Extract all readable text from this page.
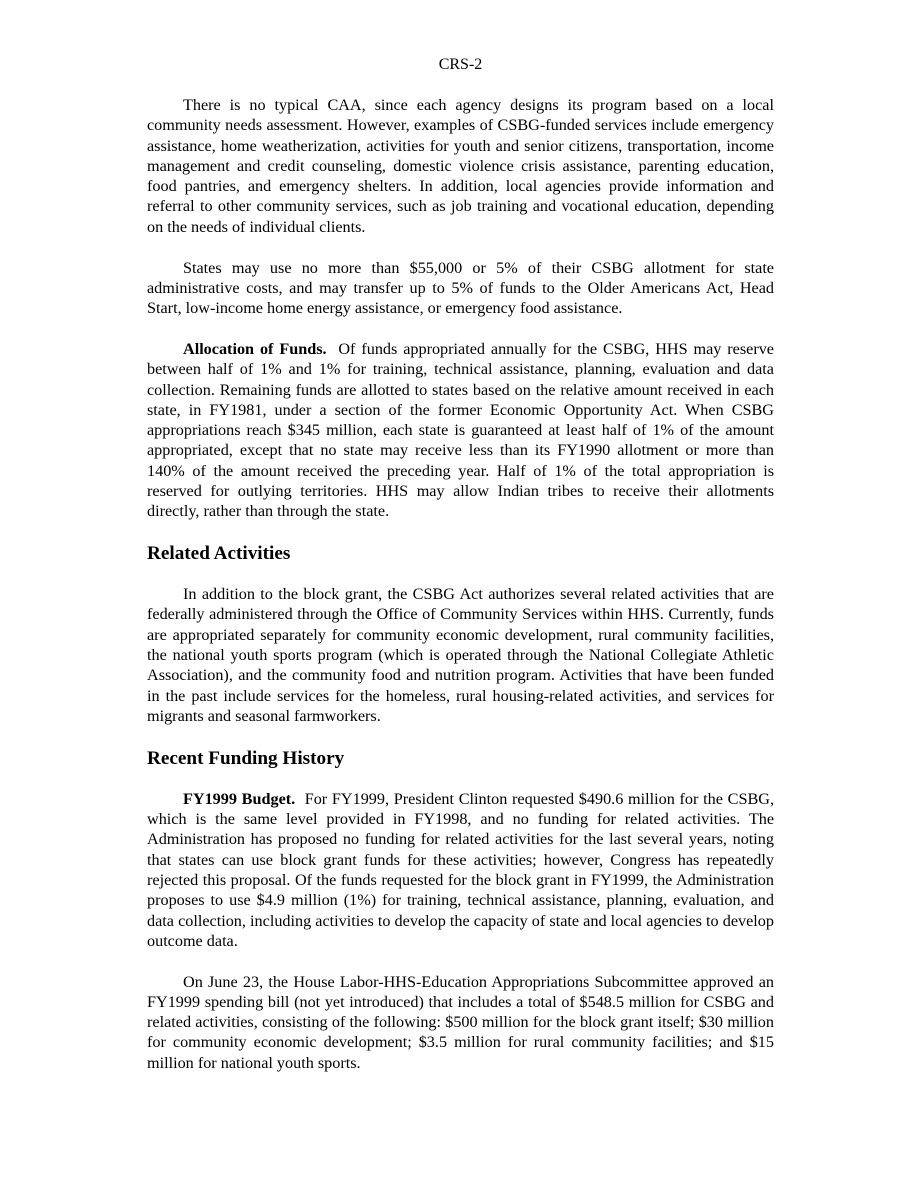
CRS-2

There is no typical CAA, since each agency designs its program based on a local community needs assessment. However, examples of CSBG-funded services include emergency assistance, home weatherization, activities for youth and senior citizens, transportation, income management and credit counseling, domestic violence crisis assistance, parenting education, food pantries, and emergency shelters. In addition, local agencies provide information and referral to other community services, such as job training and vocational education, depending on the needs of individual clients.

States may use no more than $55,000 or 5% of their CSBG allotment for state administrative costs, and may transfer up to 5% of funds to the Older Americans Act, Head Start, low-income home energy assistance, or emergency food assistance.

Allocation of Funds. Of funds appropriated annually for the CSBG, HHS may reserve between half of 1% and 1% for training, technical assistance, planning, evaluation and data collection. Remaining funds are allotted to states based on the relative amount received in each state, in FY1981, under a section of the former Economic Opportunity Act. When CSBG appropriations reach $345 million, each state is guaranteed at least half of 1% of the amount appropriated, except that no state may receive less than its FY1990 allotment or more than 140% of the amount received the preceding year. Half of 1% of the total appropriation is reserved for outlying territories. HHS may allow Indian tribes to receive their allotments directly, rather than through the state.

Related Activities

In addition to the block grant, the CSBG Act authorizes several related activities that are federally administered through the Office of Community Services within HHS. Currently, funds are appropriated separately for community economic development, rural community facilities, the national youth sports program (which is operated through the National Collegiate Athletic Association), and the community food and nutrition program. Activities that have been funded in the past include services for the homeless, rural housing-related activities, and services for migrants and seasonal farmworkers.

Recent Funding History

FY1999 Budget. For FY1999, President Clinton requested $490.6 million for the CSBG, which is the same level provided in FY1998, and no funding for related activities. The Administration has proposed no funding for related activities for the last several years, noting that states can use block grant funds for these activities; however, Congress has repeatedly rejected this proposal. Of the funds requested for the block grant in FY1999, the Administration proposes to use $4.9 million (1%) for training, technical assistance, planning, evaluation, and data collection, including activities to develop the capacity of state and local agencies to develop outcome data.

On June 23, the House Labor-HHS-Education Appropriations Subcommittee approved an FY1999 spending bill (not yet introduced) that includes a total of $548.5 million for CSBG and related activities, consisting of the following: $500 million for the block grant itself; $30 million for community economic development; $3.5 million for rural community facilities; and $15 million for national youth sports.
